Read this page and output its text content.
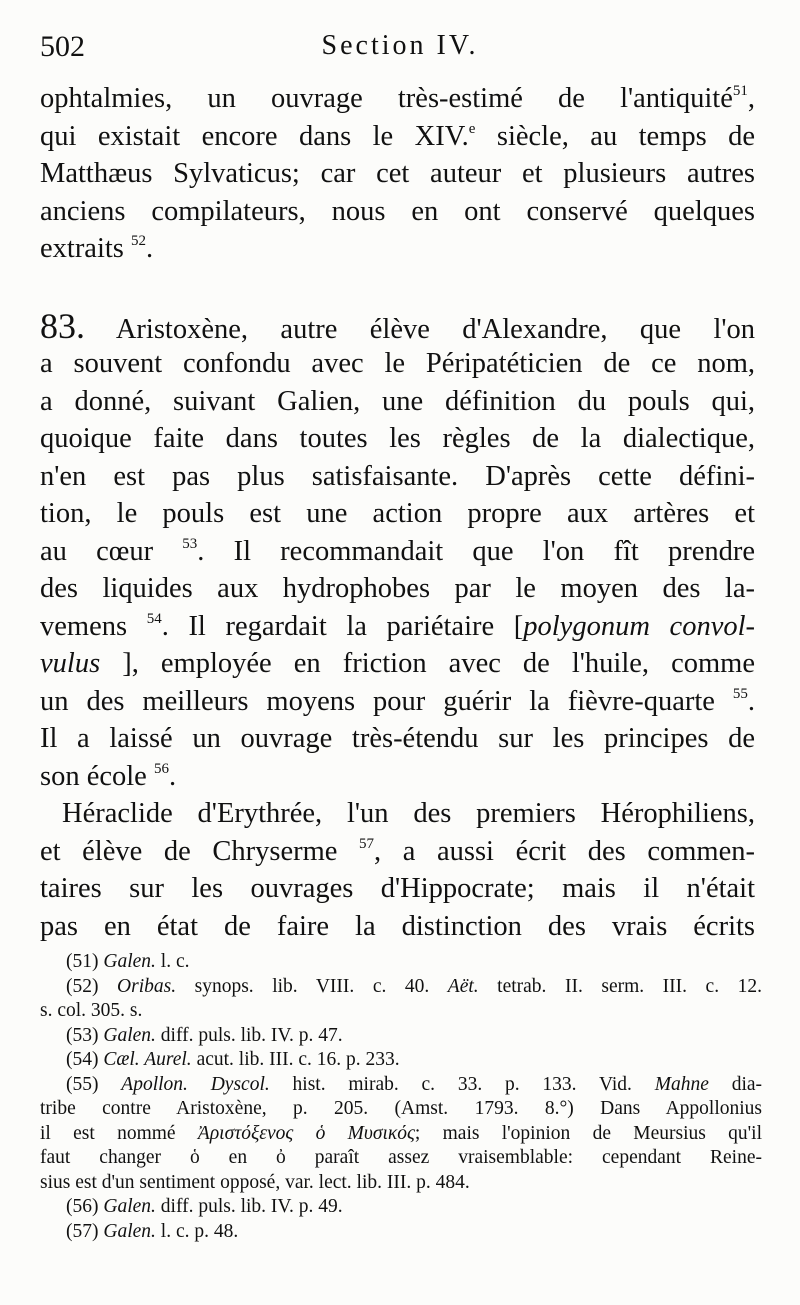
502	Section IV.
ophtalmies, un ouvrage très-estimé de l'antiquité$^{51}$,
qui existait encore dans le XIV.$^e$ siècle, au temps de
Matthæus Sylvaticus; car cet auteur et plusieurs autres
anciens compilateurs, nous en ont conservé quelques
extraits $^{52}$.
83. Aristoxène, autre élève d'Alexandre, que l'on
a souvent confondu avec le Péripatéticien de ce nom,
a donné, suivant Galien, une définition du pouls qui,
quoique faite dans toutes les règles de la dialectique,
n'en est pas plus satisfaisante. D'après cette défini-
tion, le pouls est une action propre aux artères et
au cœur $^{53}$. Il recommandait que l'on fît prendre
des liquides aux hydrophobes par le moyen des la-
vemens $^{54}$. Il regardait la pariétaire [polygonum convol-
vulus ], employée en friction avec de l'huile, comme
un des meilleurs moyens pour guérir la fièvre-quarte $^{55}$.
Il a laissé un ouvrage très-étendu sur les principes de
son école $^{56}$.
Héraclide d'Erythrée, l'un des premiers Hérophiliens,
et élève de Chryserme $^{57}$, a aussi écrit des commen-
taires sur les ouvrages d'Hippocrate; mais il n'était
pas en état de faire la distinction des vrais écrits
(51) Galen. l. c.
(52) Oribas. synops. lib. VIII. c. 40. Aët. tetrab. II. serm. III. c. 12.
s. col. 305. s.
(53) Galen. diff. puls. lib. IV. p. 47.
(54) Cæl. Aurel. acut. lib. III. c. 16. p. 233.
(55) Apollon. Dyscol. hist. mirab. c. 33. p. 133. Vid. Mahne dia-
tribe contre Aristoxène, p. 205. (Amst. 1793. 8.°) Dans Appollonius
il est nommé Ἀριστόξενος ὁ Μυσικός; mais l'opinion de Meursius qu'il
faut changer ὁ en ὀ paraît assez vraisemblable: cependant Reine-
sius est d'un sentiment opposé, var. lect. lib. III. p. 484.
(56) Galen. diff. puls. lib. IV. p. 49.
(57) Galen. l. c. p. 48.
